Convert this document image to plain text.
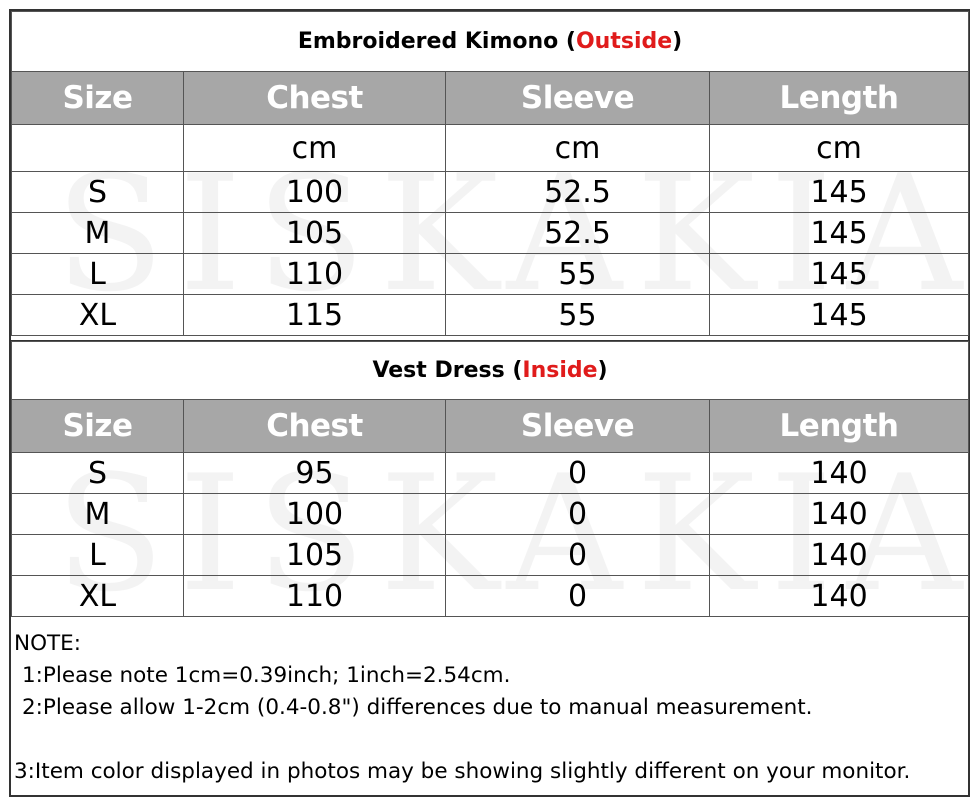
Embroidered Kimono (Outside)			
Size	Chest	Sleeve	Length
	cm	cm	cm
S	100	52.5	145
M	105	52.5	145
L	110	55	145
XL	115	55	145
Vest Dress (Inside)			
Size	Chest	Sleeve	Length
S	95	0	140
M	100	0	140
L	105	0	140
XL	110	0	140
NOTE:
1:Please note 1cm=0.39inch; 1inch=2.54cm.
2:Please allow 1-2cm (0.4-0.8") differences due to manual measurement.
3:Item color displayed in photos may be showing slightly different on your monitor.
